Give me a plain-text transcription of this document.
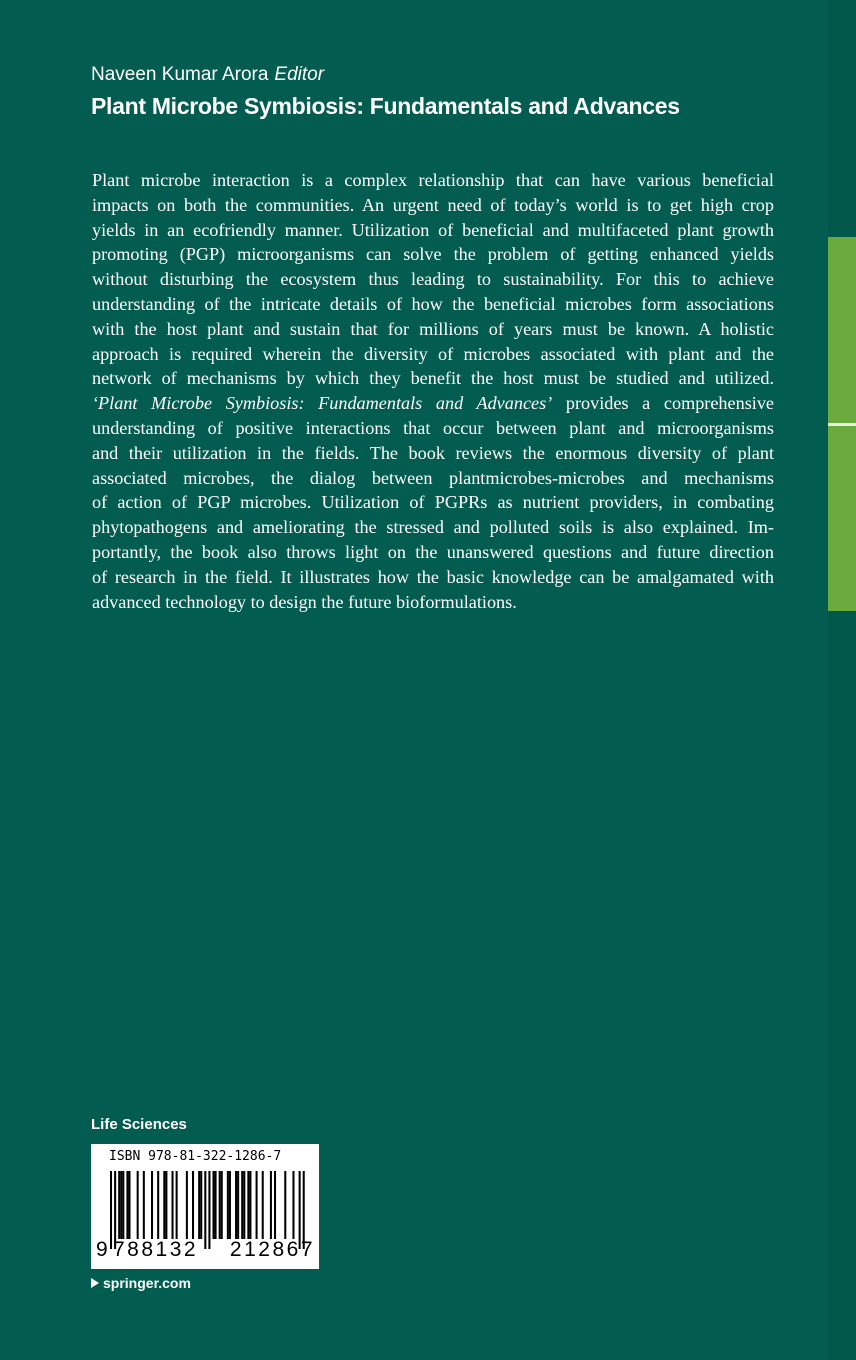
Naveen Kumar Arora Editor
Plant Microbe Symbiosis: Fundamentals and Advances
Plant microbe interaction is a complex relationship that can have various beneficial
impacts on both the communities. An urgent need of today’s world is to get high crop
yields in an ecofriendly manner. Utilization of beneficial and multifaceted plant growth
promoting (PGP) microorganisms can solve the problem of getting enhanced yields
without disturbing the ecosystem thus leading to sustainability. For this to achieve
understanding of the intricate details of how the beneficial microbes form associations
with the host plant and sustain that for millions of years must be known. A holistic
approach is required wherein the diversity of microbes associated with plant and the
network of mechanisms by which they benefit the host must be studied and utilized.
‘Plant Microbe Symbiosis: Fundamentals and Advances’ provides a comprehensive
understanding of positive interactions that occur between plant and microorganisms
and their utilization in the fields. The book reviews the enormous diversity of plant
associated microbes, the dialog between plantmicrobes-microbes and mechanisms
of action of PGP microbes. Utilization of PGPRs as nutrient providers, in combating
phytopathogens and ameliorating the stressed and polluted soils is also explained. Im-
portantly, the book also throws light on the unanswered questions and future direction
of research in the field. It illustrates how the basic knowledge can be amalgamated with
advanced technology to design the future bioformulations.
Life Sciences
ISBN 978-81-322-1286-7
9 788132 212867
springer.com
